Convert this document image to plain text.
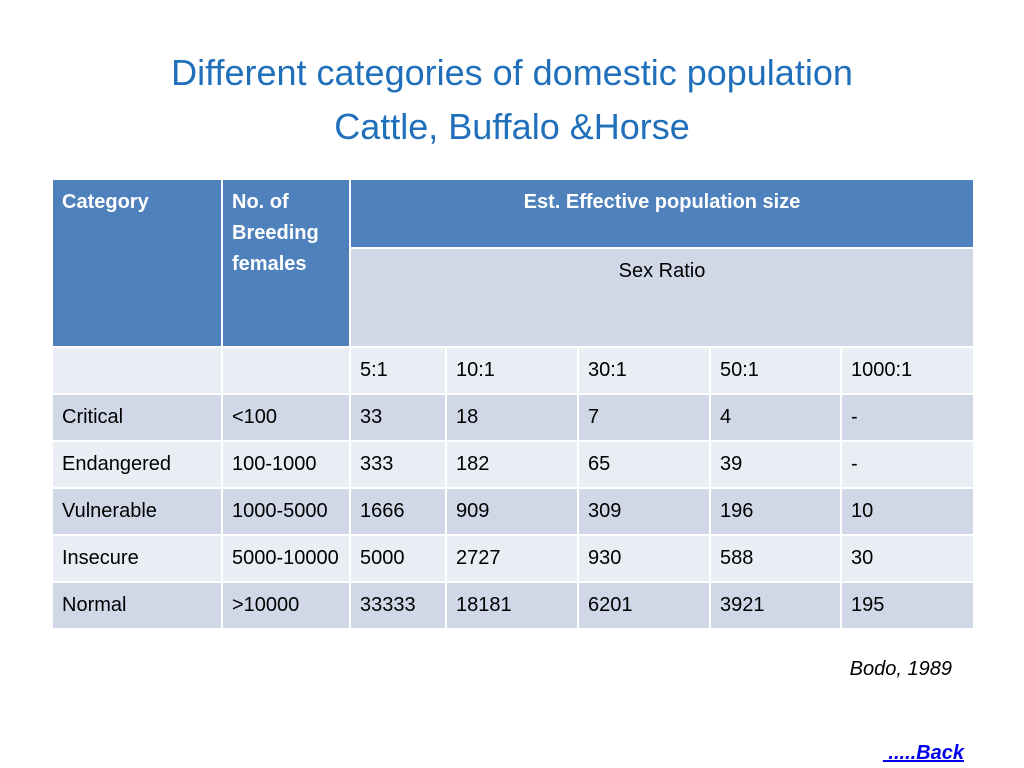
Different categories of domestic population
Cattle, Buffalo &Horse
Category	No. of Breeding females	Est. Effective population size				
		Sex Ratio				
		5:1	10:1	30:1	50:1	1000:1
Critical	<100	33	18	7	4	-
Endangered	100-1000	333	182	65	39	-
Vulnerable	1000-5000	1666	909	309	196	10
Insecure	5000-10000	5000	2727	930	588	30
Normal	>10000	33333	18181	6201	3921	195
Bodo, 1989
.....Back
